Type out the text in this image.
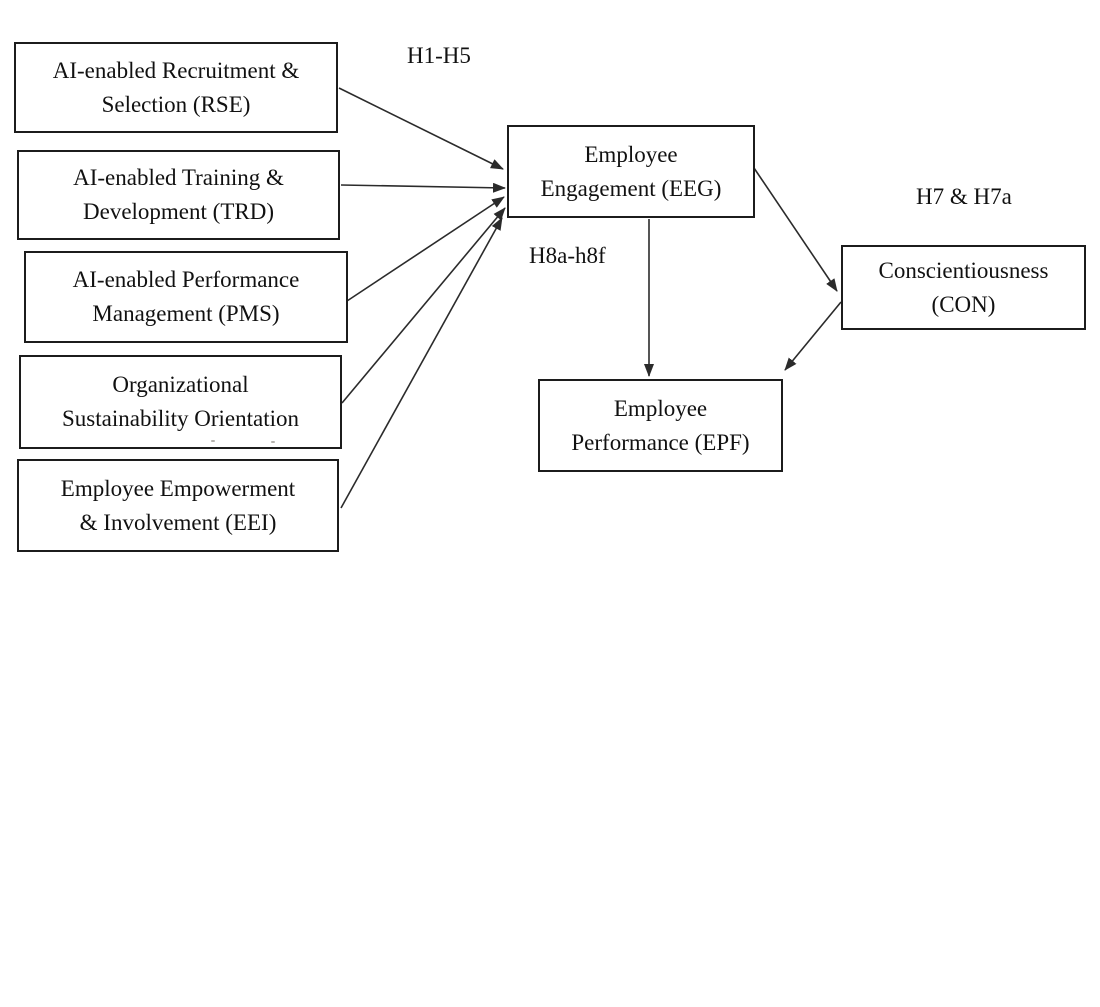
AI-enabled Recruitment &
Selection (RSE)
AI-enabled Training &
Development (TRD)
AI-enabled Performance
Management (PMS)
Organizational
Sustainability Orientation
Employee Empowerment
& Involvement (EEI)
Employee
Engagement (EEG)
Conscientiousness
(CON)
Employee
Performance (EPF)
H1-H5
H7 & H7a
H8a-h8f
